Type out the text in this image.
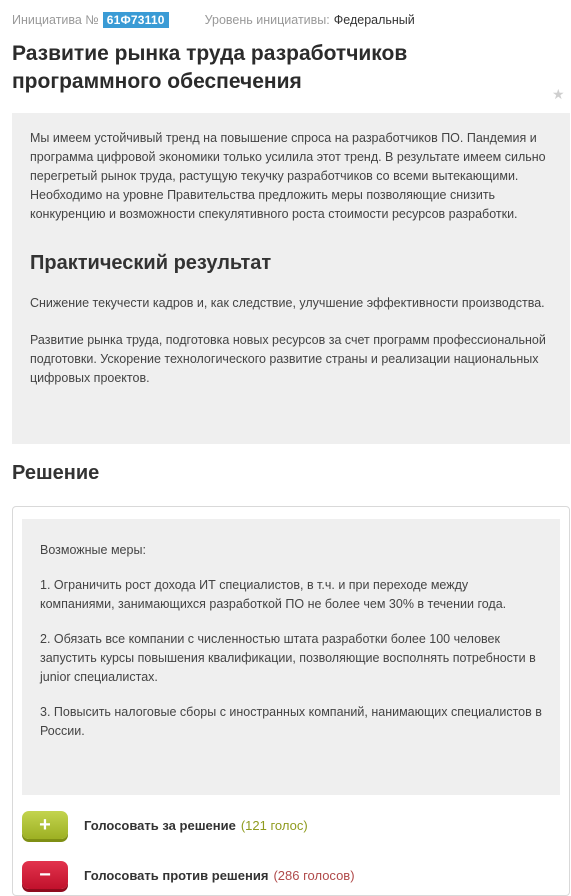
Инициатива № 61Ф73110	Уровень инициативы: Федеральный
Развитие рынка труда разработчиков программного обеспечения
★

Мы имеем устойчивый тренд на повышение спроса на разработчиков ПО. Пандемия и программа цифровой экономики только усилила этот тренд. В результате имеем сильно перегретый рынок труда, растущую текучку разработчиков со всеми вытекающими. Необходимо на уровне Правительства предложить меры позволяющие снизить конкуренцию и возможности спекулятивного роста стоимости ресурсов разработки.

Практический результат

Снижение текучести кадров и, как следствие, улучшение эффективности производства.

Развитие рынка труда, подготовка новых ресурсов за счет программ профессиональной подготовки. Ускорение технологического развитие страны и реализации национальных цифровых проектов.

Решение

Возможные меры:

1. Ограничить рост дохода ИТ специалистов, в т.ч. и при переходе между компаниями, занимающихся разработкой ПО не более чем 30% в течении года.

2. Обязать все компании с численностью штата разработки более 100 человек запустить курсы повышения квалификации, позволяющие восполнять потребности в junior специалистах.

3. Повысить налоговые сборы с иностранных компаний, нанимающих специалистов в России.

+	Голосовать за решение (121 голос)
−	Голосовать против решения (286 голосов)
